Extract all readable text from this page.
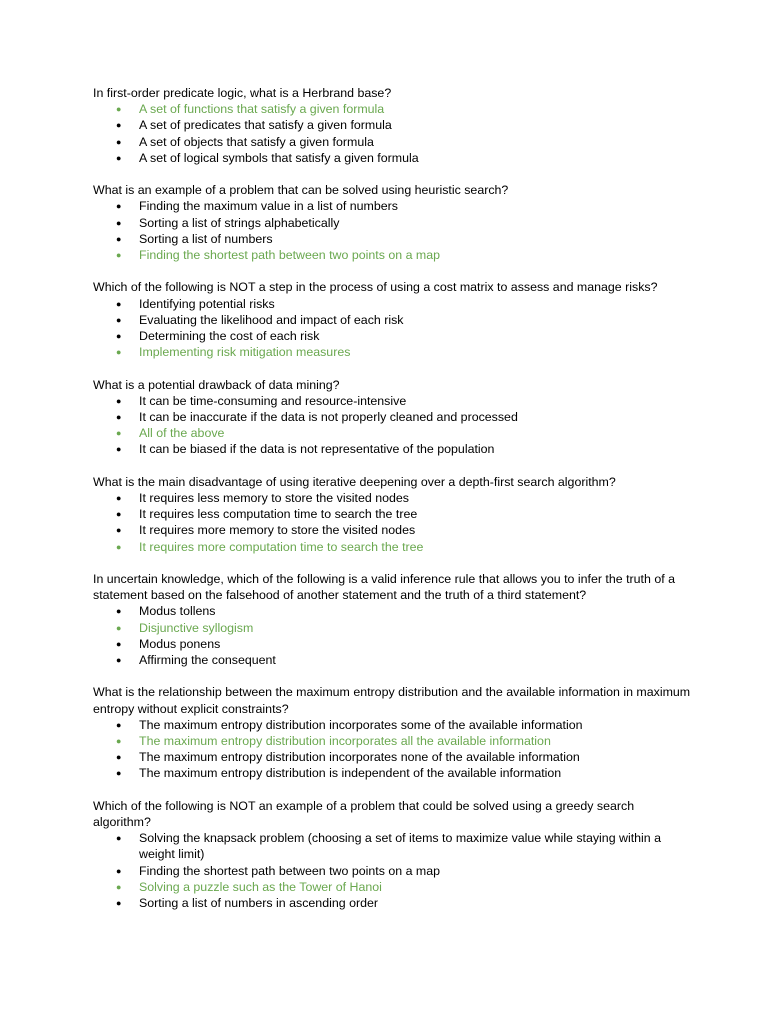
In first-order predicate logic, what is a Herbrand base?

● A set of functions that satisfy a given formula
● A set of predicates that satisfy a given formula
● A set of objects that satisfy a given formula
● A set of logical symbols that satisfy a given formula

What is an example of a problem that can be solved using heuristic search?

● Finding the maximum value in a list of numbers
● Sorting a list of strings alphabetically
● Sorting a list of numbers
● Finding the shortest path between two points on a map

Which of the following is NOT a step in the process of using a cost matrix to assess and manage risks?

● Identifying potential risks
● Evaluating the likelihood and impact of each risk
● Determining the cost of each risk
● Implementing risk mitigation measures

What is a potential drawback of data mining?

● It can be time-consuming and resource-intensive
● It can be inaccurate if the data is not properly cleaned and processed
● All of the above
● It can be biased if the data is not representative of the population

What is the main disadvantage of using iterative deepening over a depth-first search algorithm?

● It requires less memory to store the visited nodes
● It requires less computation time to search the tree
● It requires more memory to store the visited nodes
● It requires more computation time to search the tree

In uncertain knowledge, which of the following is a valid inference rule that allows you to infer the truth of a statement based on the falsehood of another statement and the truth of a third statement?

● Modus tollens
● Disjunctive syllogism
● Modus ponens
● Affirming the consequent

What is the relationship between the maximum entropy distribution and the available information in maximum entropy without explicit constraints?

● The maximum entropy distribution incorporates some of the available information
● The maximum entropy distribution incorporates all the available information
● The maximum entropy distribution incorporates none of the available information
● The maximum entropy distribution is independent of the available information

Which of the following is NOT an example of a problem that could be solved using a greedy search algorithm?

● Solving the knapsack problem (choosing a set of items to maximize value while staying within a weight limit)
● Finding the shortest path between two points on a map
● Solving a puzzle such as the Tower of Hanoi
● Sorting a list of numbers in ascending order
